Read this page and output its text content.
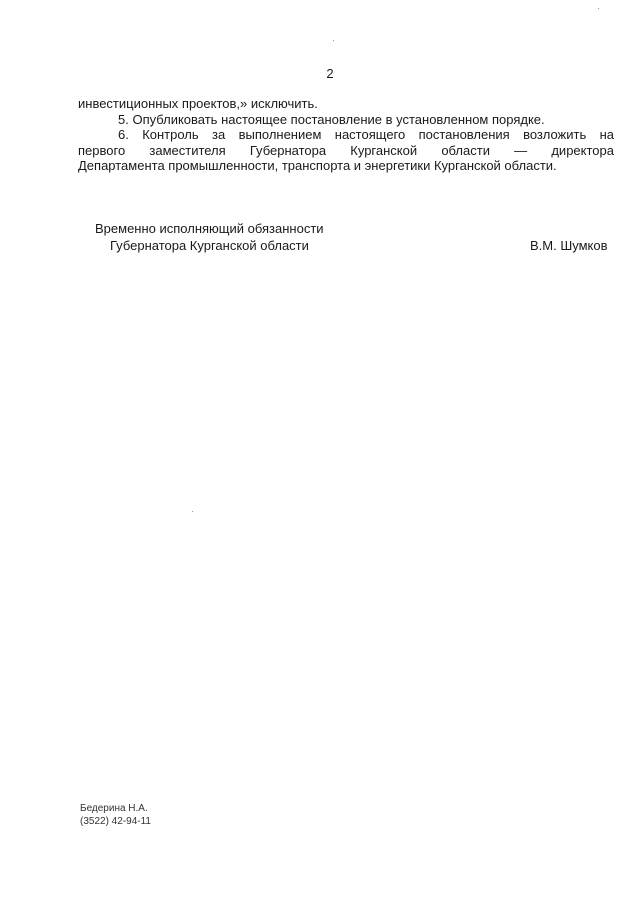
2
инвестиционных проектов,» исключить.
5. Опубликовать настоящее постановление в установленном порядке.
6. Контроль за выполнением настоящего постановления возложить на
первого заместителя Губернатора Курганской области — директора
Департамента промышленности, транспорта и энергетики Курганской области.
Временно исполняющий обязанности
Губернатора Курганской области	В.М. Шумков
Бедерина Н.А.
(3522) 42-94-11
